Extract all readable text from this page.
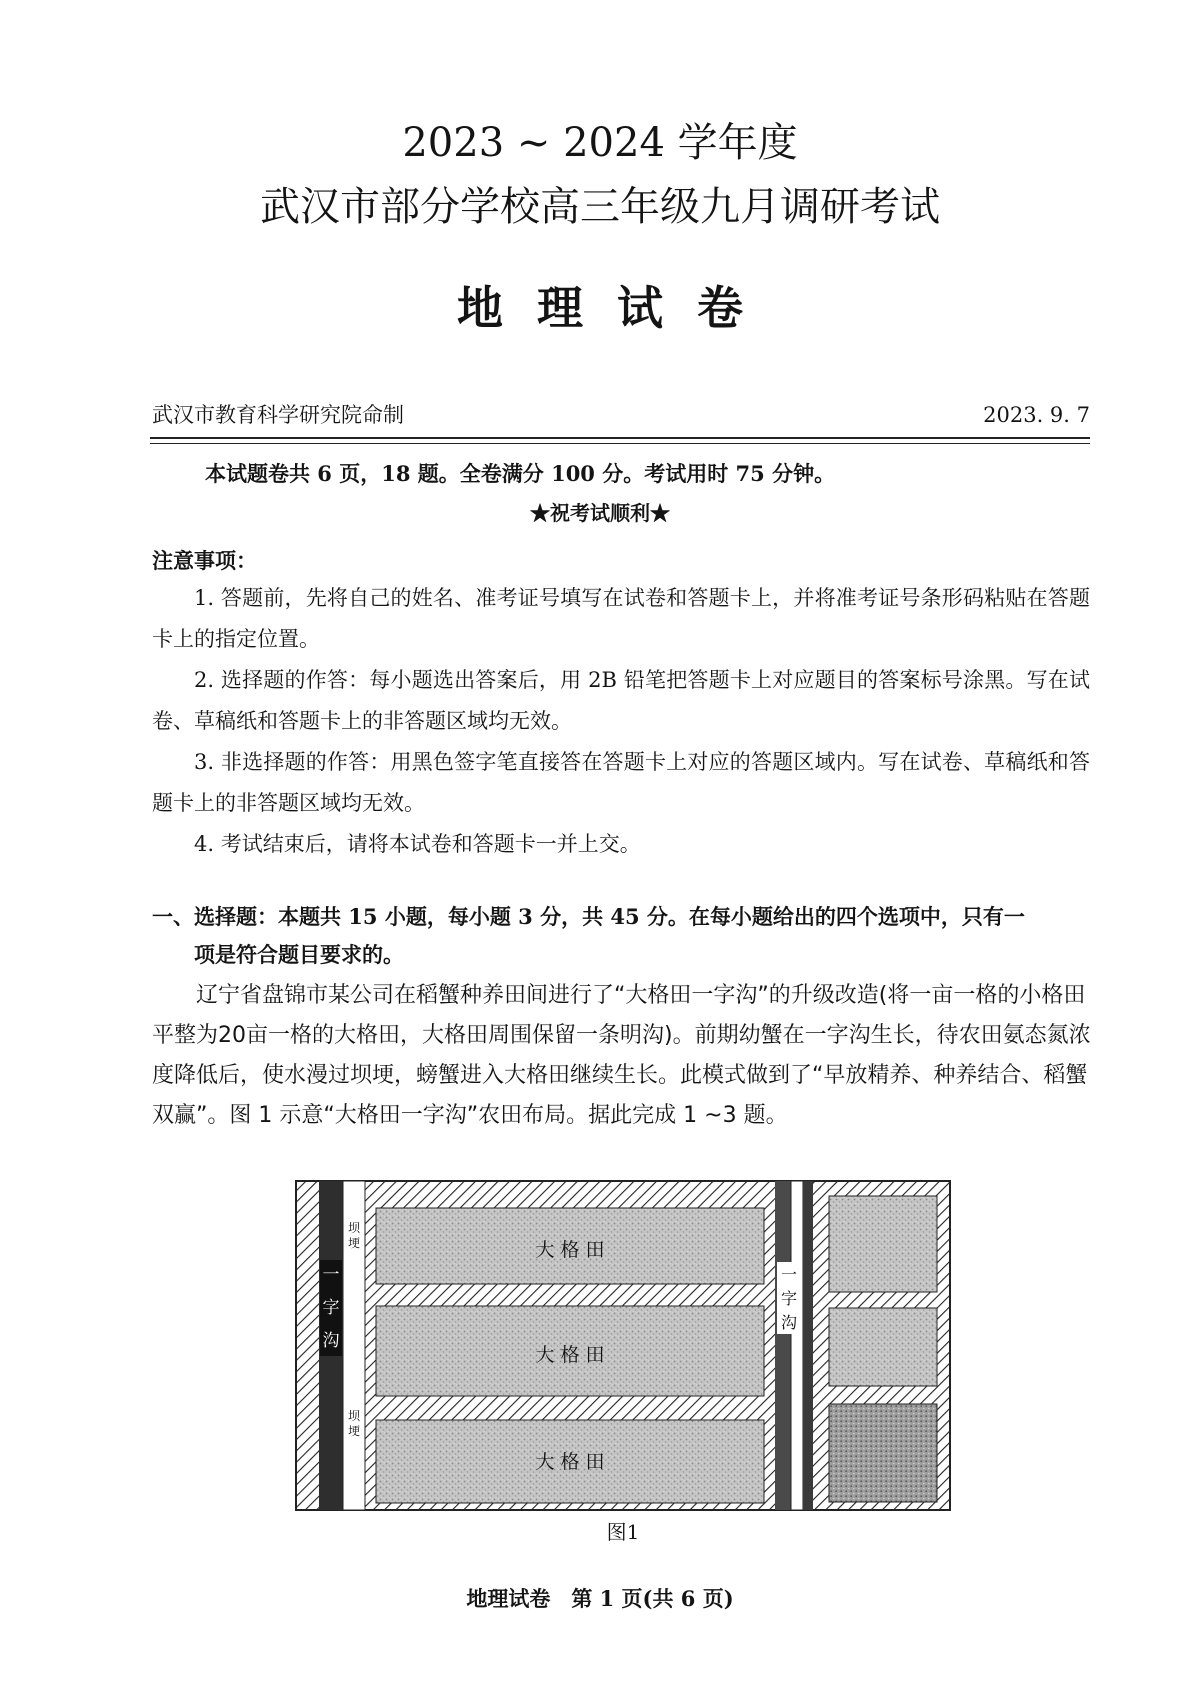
2023 ~ 2024 学年度
武汉市部分学校高三年级九月调研考试
地理试卷
武汉市教育科学研究院命制	2023. 9. 7
本试题卷共 6 页，18 题。全卷满分 100 分。考试用时 75 分钟。
★祝考试顺利★
注意事项：

1. 答题前，先将自己的姓名、准考证号填写在试卷和答题卡上，并将准考证号条形码粘贴在答题卡上的指定位置。

2. 选择题的作答：每小题选出答案后，用 2B 铅笔把答题卡上对应题目的答案标号涂黑。写在试卷、草稿纸和答题卡上的非答题区域均无效。

3. 非选择题的作答：用黑色签字笔直接答在答题卡上对应的答题区域内。写在试卷、草稿纸和答题卡上的非答题区域均无效。

4. 考试结束后，请将本试卷和答题卡一并上交。

一、选择题：本题共 15 小题，每小题 3 分，共 45 分。在每小题给出的四个选项中，只有一
项是符合题目要求的。

辽宁省盘锦市某公司在稻蟹种养田间进行了“大格田一字沟”的升级改造(将一亩一格的小格田平整为20亩一格的大格田，大格田周围保留一条明沟)。前期幼蟹在一字沟生长，待农田氨态氮浓度降低后，使水漫过坝埂，螃蟹进入大格田继续生长。此模式做到了“早放精养、种养结合、稻蟹双赢”。图 1 示意“大格田一字沟”农田布局。据此完成 1 ~3 题。

大 格 田
大 格 田
大 格 田
一
字
沟
一
字
沟
坝
埂
坝
埂
图1
地理试卷　第 1 页(共 6 页)
